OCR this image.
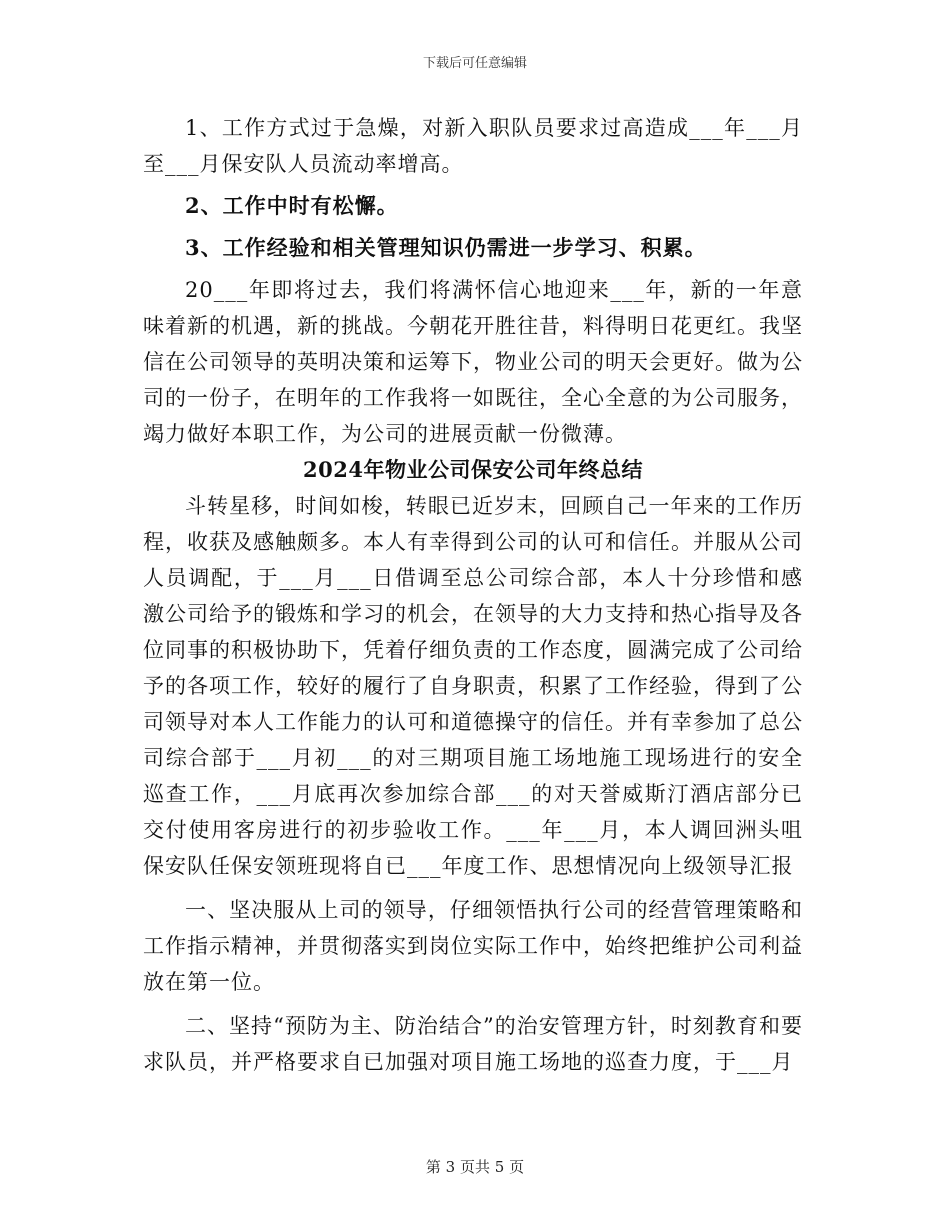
下载后可任意编辑

1、工作方式过于急燥，对新入职队员要求过高造成___年___月至___月保安队人员流动率增高。

2、工作中时有松懈。

3、工作经验和相关管理知识仍需进一步学习、积累。

20___年即将过去，我们将满怀信心地迎来___年，新的一年意味着新的机遇，新的挑战。今朝花开胜往昔，料得明日花更红。我坚信在公司领导的英明决策和运筹下，物业公司的明天会更好。做为公司的一份子，在明年的工作我将一如既往，全心全意的为公司服务，竭力做好本职工作，为公司的进展贡献一份微薄。

2024年物业公司保安公司年终总结

斗转星移，时间如梭，转眼已近岁末，回顾自己一年来的工作历程，收获及感触颇多。本人有幸得到公司的认可和信任。并服从公司人员调配，于___月___日借调至总公司综合部，本人十分珍惜和感激公司给予的锻炼和学习的机会，在领导的大力支持和热心指导及各位同事的积极协助下，凭着仔细负责的工作态度，圆满完成了公司给予的各项工作，较好的履行了自身职责，积累了工作经验，得到了公司领导对本人工作能力的认可和道德操守的信任。并有幸参加了总公司综合部于___月初___的对三期项目施工场地施工现场进行的安全巡查工作，___月底再次参加综合部___的对天誉威斯汀酒店部分已交付使用客房进行的初步验收工作。___年___月，本人调回洲头咀保安队任保安领班现将自已___年度工作、思想情况向上级领导汇报

一、坚决服从上司的领导，仔细领悟执行公司的经营管理策略和工作指示精神，并贯彻落实到岗位实际工作中，始终把维护公司利益放在第一位。

二、坚持“预防为主、防治结合”的治安管理方针，时刻教育和要求队员，并严格要求自已加强对项目施工场地的巡查力度，于___月

第 3 页共 5 页
